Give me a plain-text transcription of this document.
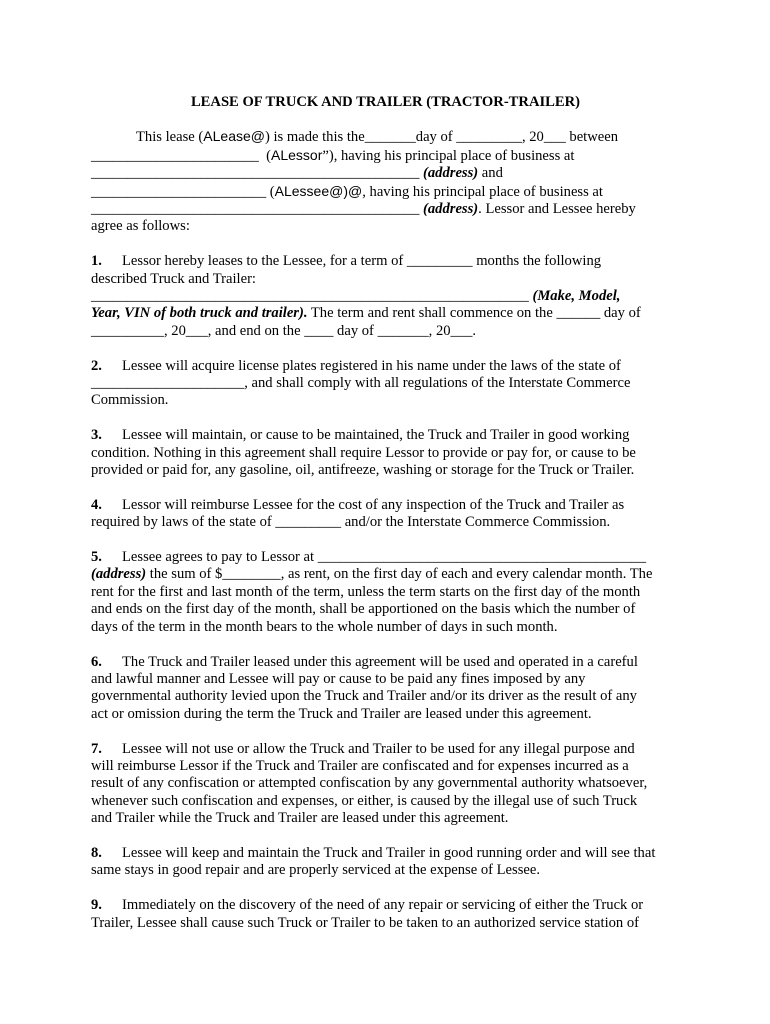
LEASE OF TRUCK AND TRAILER (TRACTOR-TRAILER)
This lease (ALease@) is made this the_______day of _________, 20___ between
_______________________  (ALessor”), having his principal place of business at
_____________________________________________ (address) and
________________________ (ALessee@)@, having his principal place of business at
_____________________________________________ (address). Lessor and Lessee hereby
agree as follows:
1. Lessor hereby leases to the Lessee, for a term of _________ months the following
described Truck and Trailer:
____________________________________________________________ (Make, Model,
Year, VIN of both truck and trailer). The term and rent shall commence on the ______ day of
__________, 20___, and end on the ____ day of _______, 20___.
2. Lessee will acquire license plates registered in his name under the laws of the state of
_____________________, and shall comply with all regulations of the Interstate Commerce
Commission.
3. Lessee will maintain, or cause to be maintained, the Truck and Trailer in good working
condition. Nothing in this agreement shall require Lessor to provide or pay for, or cause to be
provided or paid for, any gasoline, oil, antifreeze, washing or storage for the Truck or Trailer.
4. Lessor will reimburse Lessee for the cost of any inspection of the Truck and Trailer as
required by laws of the state of _________ and/or the Interstate Commerce Commission.
5. Lessee agrees to pay to Lessor at _____________________________________________
(address) the sum of $________, as rent, on the first day of each and every calendar month. The
rent for the first and last month of the term, unless the term starts on the first day of the month
and ends on the first day of the month, shall be apportioned on the basis which the number of
days of the term in the month bears to the whole number of days in such month.
6. The Truck and Trailer leased under this agreement will be used and operated in a careful
and lawful manner and Lessee will pay or cause to be paid any fines imposed by any
governmental authority levied upon the Truck and Trailer and/or its driver as the result of any
act or omission during the term the Truck and Trailer are leased under this agreement.
7. Lessee will not use or allow the Truck and Trailer to be used for any illegal purpose and
will reimburse Lessor if the Truck and Trailer are confiscated and for expenses incurred as a
result of any confiscation or attempted confiscation by any governmental authority whatsoever,
whenever such confiscation and expenses, or either, is caused by the illegal use of such Truck
and Trailer while the Truck and Trailer are leased under this agreement.
8. Lessee will keep and maintain the Truck and Trailer in good running order and will see that
same stays in good repair and are properly serviced at the expense of Lessee.
9. Immediately on the discovery of the need of any repair or servicing of either the Truck or
Trailer, Lessee shall cause such Truck or Trailer to be taken to an authorized service station of
